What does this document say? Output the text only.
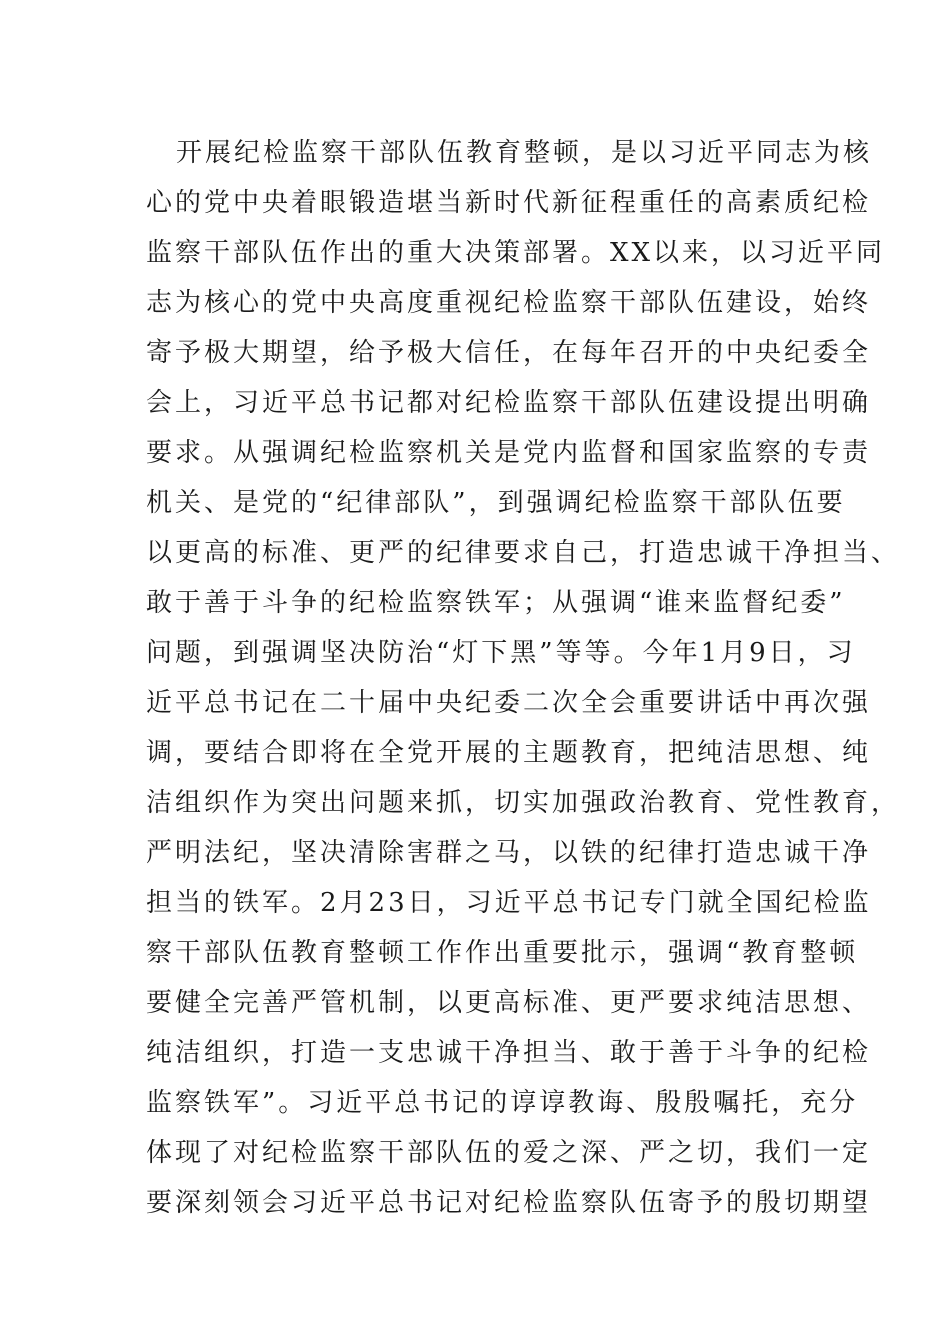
开展纪检监察干部队伍教育整顿，是以习近平同志为核
心的党中央着眼锻造堪当新时代新征程重任的高素质纪检
监察干部队伍作出的重大决策部署。XX以来，以习近平同
志为核心的党中央高度重视纪检监察干部队伍建设，始终
寄予极大期望，给予极大信任，在每年召开的中央纪委全
会上，习近平总书记都对纪检监察干部队伍建设提出明确
要求。从强调纪检监察机关是党内监督和国家监察的专责
机关、是党的“纪律部队”，到强调纪检监察干部队伍要
以更高的标准、更严的纪律要求自己，打造忠诚干净担当、
敢于善于斗争的纪检监察铁军；从强调“谁来监督纪委”
问题，到强调坚决防治“灯下黑”等等。今年1月9日，习
近平总书记在二十届中央纪委二次全会重要讲话中再次强
调，要结合即将在全党开展的主题教育，把纯洁思想、纯
洁组织作为突出问题来抓，切实加强政治教育、党性教育，
严明法纪，坚决清除害群之马，以铁的纪律打造忠诚干净
担当的铁军。2月23日，习近平总书记专门就全国纪检监
察干部队伍教育整顿工作作出重要批示，强调“教育整顿
要健全完善严管机制，以更高标准、更严要求纯洁思想、
纯洁组织，打造一支忠诚干净担当、敢于善于斗争的纪检
监察铁军”。习近平总书记的谆谆教诲、殷殷嘱托，充分
体现了对纪检监察干部队伍的爱之深、严之切，我们一定
要深刻领会习近平总书记对纪检监察队伍寄予的殷切期望
